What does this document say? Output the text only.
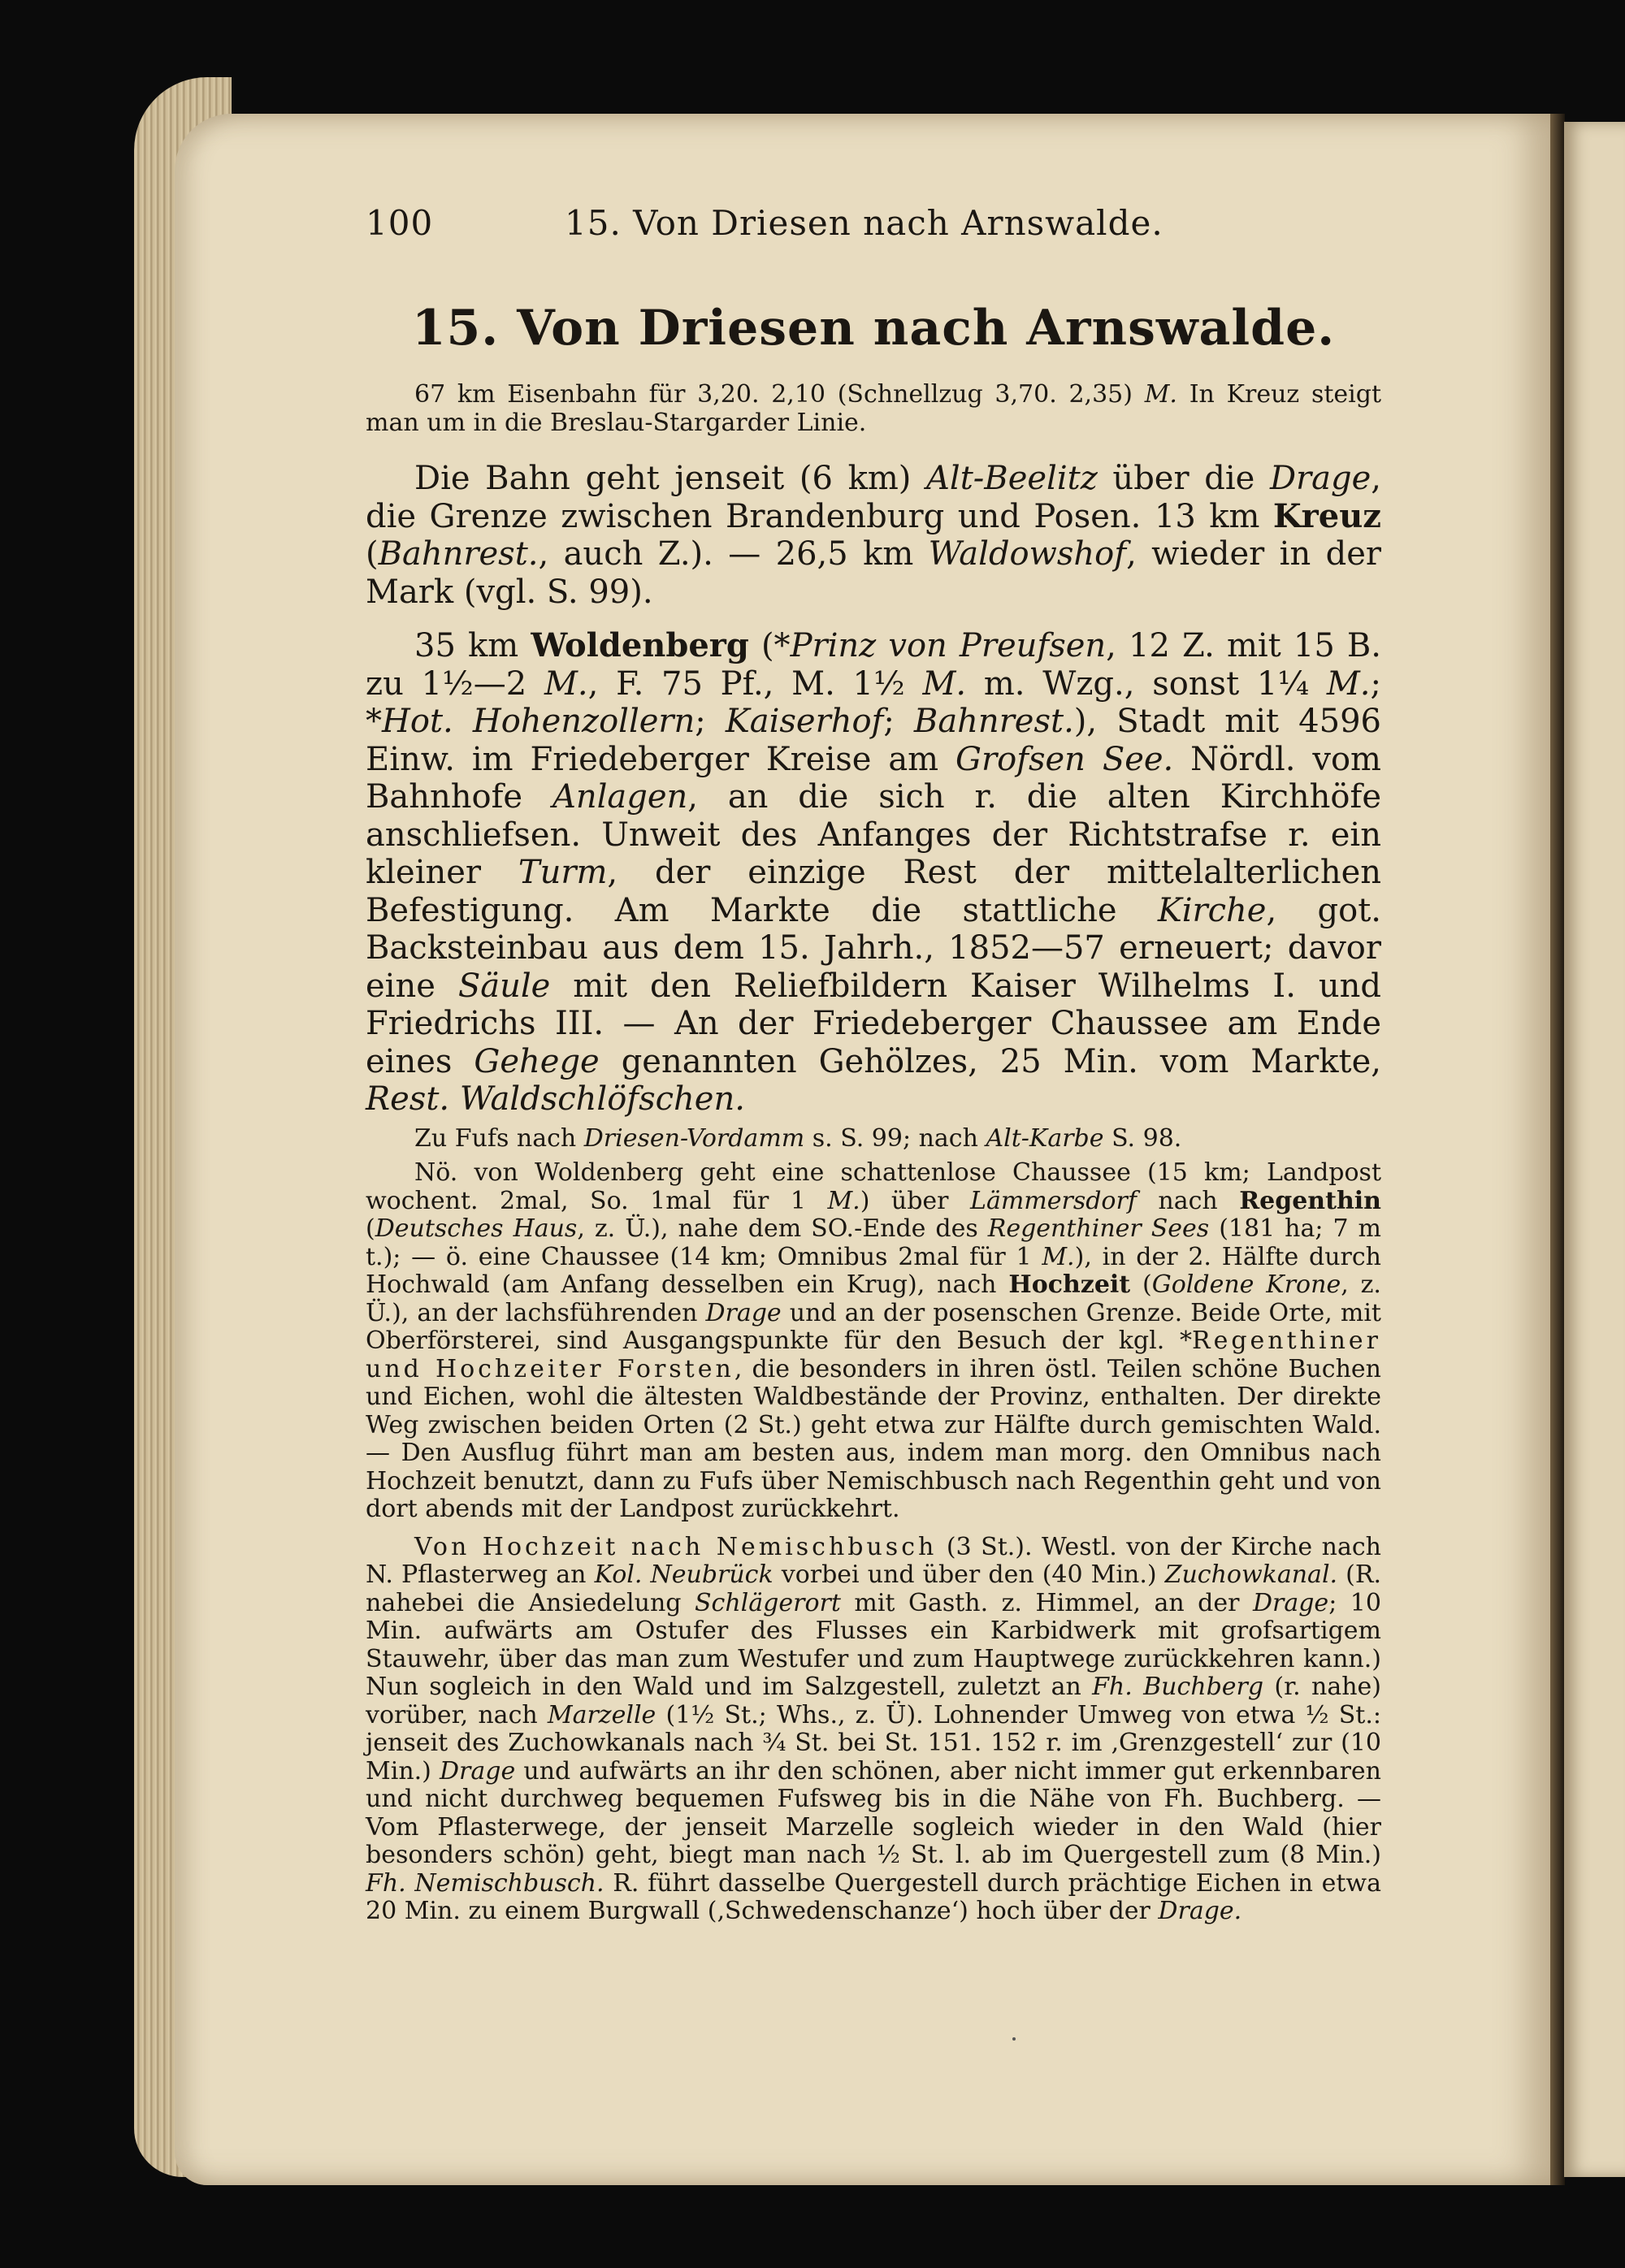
100	15. Von Driesen nach Arnswalde.
15. Von Driesen nach Arnswalde.

67 km Eisenbahn für 3,20. 2,10 (Schnellzug 3,70. 2,35) M. In Kreuz steigt man um in die Breslau-Stargarder Linie.

Die Bahn geht jenseit (6 km) Alt-Beelitz über die Drage, die Grenze zwischen Brandenburg und Posen. 13 km Kreuz (Bahnrest., auch Z.). — 26,5 km Waldowshof, wieder in der Mark (vgl. S. 99).

35 km Woldenberg (*Prinz von Preufsen, 12 Z. mit 15 B. zu 1½—2 M., F. 75 Pf., M. 1½ M. m. Wzg., sonst 1¼ M.; *Hot. Hohenzollern; Kaiserhof; Bahnrest.), Stadt mit 4596 Einw. im Friedeberger Kreise am Grofsen See. Nördl. vom Bahnhofe Anlagen, an die sich r. die alten Kirchhöfe anschliefsen. Unweit des Anfanges der Richtstrafse r. ein kleiner Turm, der einzige Rest der mittelalterlichen Befestigung. Am Markte die stattliche Kirche, got. Backsteinbau aus dem 15. Jahrh., 1852—57 erneuert; davor eine Säule mit den Reliefbildern Kaiser Wilhelms I. und Friedrichs III. — An der Friedeberger Chaussee am Ende eines Gehege genannten Gehölzes, 25 Min. vom Markte, Rest. Waldschlöfschen.

Zu Fufs nach Driesen-Vordamm s. S. 99; nach Alt-Karbe S. 98.

Nö. von Woldenberg geht eine schattenlose Chaussee (15 km; Landpost wochent. 2mal, So. 1mal für 1 M.) über Lämmersdorf nach Regenthin (Deutsches Haus, z. Ü.), nahe dem SO.-Ende des Regenthiner Sees (181 ha; 7 m t.); — ö. eine Chaussee (14 km; Omnibus 2mal für 1 M.), in der 2. Hälfte durch Hochwald (am Anfang desselben ein Krug), nach Hochzeit (Goldene Krone, z. Ü.), an der lachsführenden Drage und an der posenschen Grenze. Beide Orte, mit Oberförsterei, sind Ausgangspunkte für den Besuch der kgl. *Regenthiner und Hochzeiter Forsten, die besonders in ihren östl. Teilen schöne Buchen und Eichen, wohl die ältesten Waldbestände der Provinz, enthalten. Der direkte Weg zwischen beiden Orten (2 St.) geht etwa zur Hälfte durch gemischten Wald. — Den Ausflug führt man am besten aus, indem man morg. den Omnibus nach Hochzeit benutzt, dann zu Fufs über Nemischbusch nach Regenthin geht und von dort abends mit der Landpost zurückkehrt.

Von Hochzeit nach Nemischbusch (3 St.). Westl. von der Kirche nach N. Pflasterweg an Kol. Neubrück vorbei und über den (40 Min.) Zuchowkanal. (R. nahebei die Ansiedelung Schlägerort mit Gasth. z. Himmel, an der Drage; 10 Min. aufwärts am Ostufer des Flusses ein Karbidwerk mit grofsartigem Stauwehr, über das man zum Westufer und zum Hauptwege zurückkehren kann.) Nun sogleich in den Wald und im Salzgestell, zuletzt an Fh. Buchberg (r. nahe) vorüber, nach Marzelle (1½ St.; Whs., z. Ü). Lohnender Umweg von etwa ½ St.: jenseit des Zuchowkanals nach ¾ St. bei St. 151. 152 r. im ‚Grenzgestell‘ zur (10 Min.) Drage und aufwärts an ihr den schönen, aber nicht immer gut erkennbaren und nicht durchweg bequemen Fufsweg bis in die Nähe von Fh. Buchberg. — Vom Pflasterwege, der jenseit Marzelle sogleich wieder in den Wald (hier besonders schön) geht, biegt man nach ½ St. l. ab im Quergestell zum (8 Min.) Fh. Nemischbusch. R. führt dasselbe Quergestell durch prächtige Eichen in etwa 20 Min. zu einem Burgwall (‚Schwedenschanze‘) hoch über der Drage.
